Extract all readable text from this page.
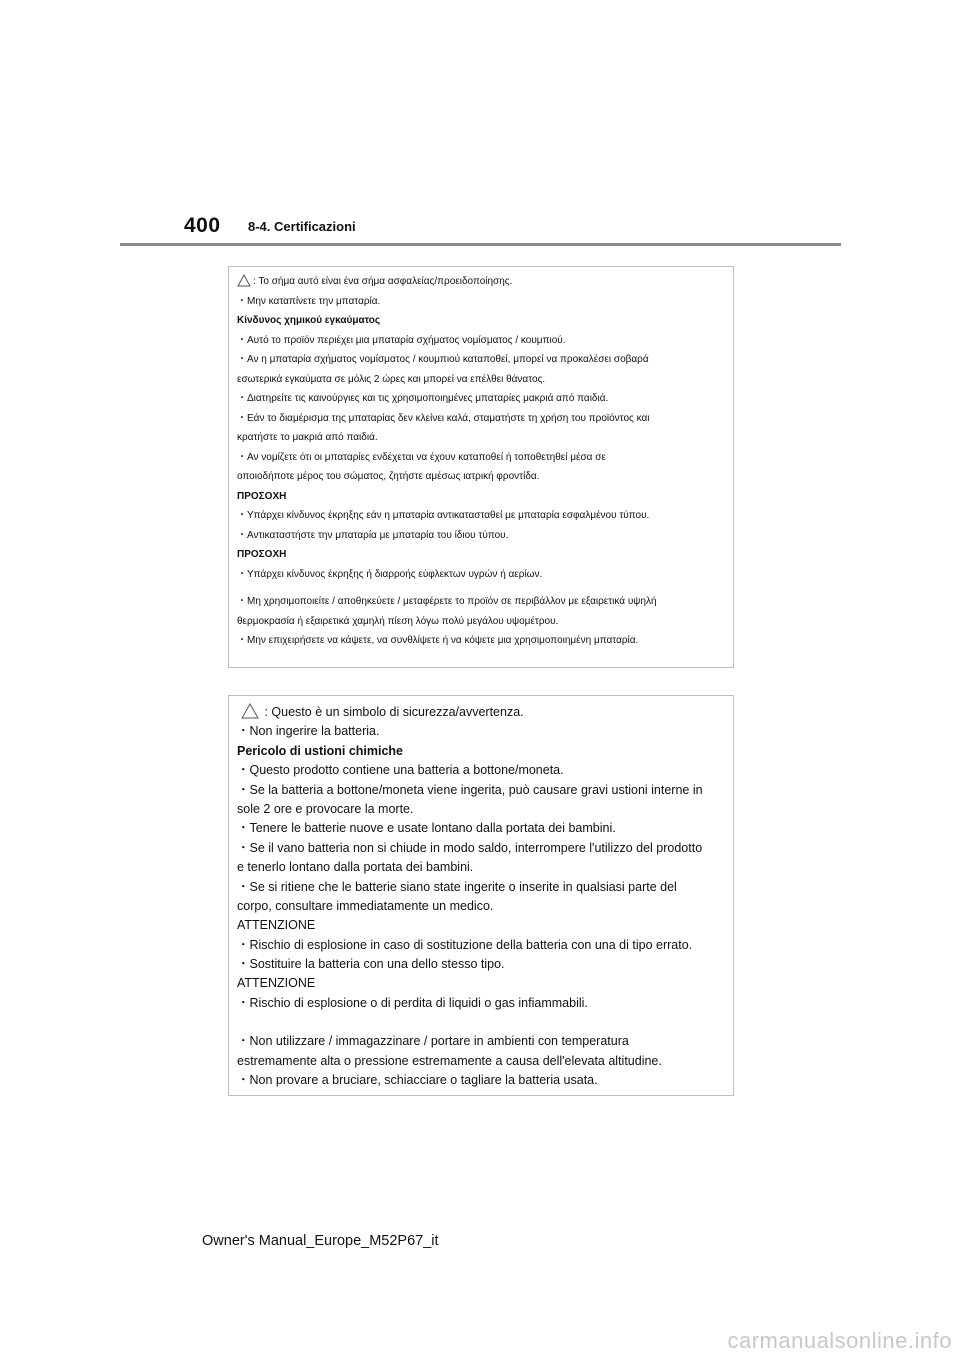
400 8-4. Certificazioni
: Το σήμα αυτό είναι ένα σήμα ασφαλείας/προειδοποίησης.
・Μην καταπίνετε την μπαταρία.
Κίνδυνος χημικού εγκαύματος
・Αυτό το προϊόν περιέχει μια μπαταρία σχήματος νομίσματος / κουμπιού.
・Αν η μπαταρία σχήματος νομίσματος / κουμπιού καταποθεί, μπορεί να προκαλέσει σοβαρά
εσωτερικά εγκαύματα σε μόλις 2 ώρες και μπορεί να επέλθει θάνατος.
・Διατηρείτε τις καινούργιες και τις χρησιμοποιημένες μπαταρίες μακριά από παιδιά.
・Εάν το διαμέρισμα της μπαταρίας δεν κλείνει καλά, σταματήστε τη χρήση του προϊόντος και
κρατήστε το μακριά από παιδιά.
・Αν νομίζετε ότι οι μπαταρίες ενδέχεται να έχουν καταποθεί ή τοποθετηθεί μέσα σε
οποιοδήποτε μέρος του σώματος, ζητήστε αμέσως ιατρική φροντίδα.
ΠΡΟΣΟΧΗ
・Υπάρχει κίνδυνος έκρηξης εάν η μπαταρία αντικατασταθεί με μπαταρία εσφαλμένου τύπου.
・Αντικαταστήστε την μπαταρία με μπαταρία του ίδιου τύπου.
ΠΡΟΣΟΧΗ
・Υπάρχει κίνδυνος έκρηξης ή διαρροής εύφλεκτων υγρών ή αερίων.
・Μη χρησιμοποιείτε / αποθηκεύετε / μεταφέρετε το προϊόν σε περιβάλλον με εξαιρετικά υψηλή
θερμοκρασία ή εξαιρετικά χαμηλή πίεση λόγω πολύ μεγάλου υψομέτρου.
・Μην επιχειρήσετε να κάψετε, να συνθλίψετε ή να κόψετε μια χρησιμοποιημένη μπαταρία.
: Questo è un simbolo di sicurezza/avvertenza.
・Non ingerire la batteria.
Pericolo di ustioni chimiche
・Questo prodotto contiene una batteria a bottone/moneta.
・Se la batteria a bottone/moneta viene ingerita, può causare gravi ustioni interne in
sole 2 ore e provocare la morte.
・Tenere le batterie nuove e usate lontano dalla portata dei bambini.
・Se il vano batteria non si chiude in modo saldo, interrompere l'utilizzo del prodotto
e tenerlo lontano dalla portata dei bambini.
・Se si ritiene che le batterie siano state ingerite o inserite in qualsiasi parte del
corpo, consultare immediatamente un medico.
ATTENZIONE
・Rischio di esplosione in caso di sostituzione della batteria con una di tipo errato.
・Sostituire la batteria con una dello stesso tipo.
ATTENZIONE
・Rischio di esplosione o di perdita di liquidi o gas infiammabili.
・Non utilizzare / immagazzinare / portare in ambienti con temperatura
estremamente alta o pressione estremamente a causa dell'elevata altitudine.
・Non provare a bruciare, schiacciare o tagliare la batteria usata.
Owner's Manual_Europe_M52P67_it
carmanualsonline.info
